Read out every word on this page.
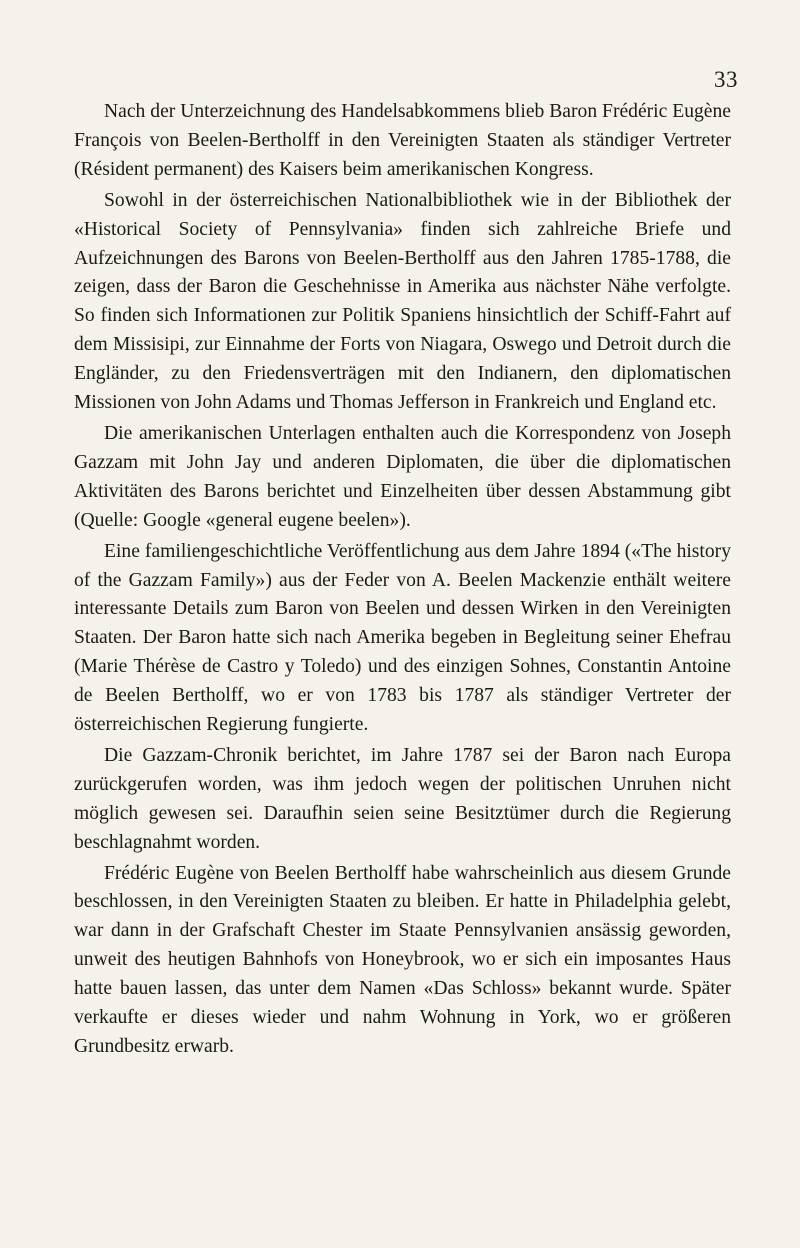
33

Nach der Unterzeichnung des Handelsabkommens blieb Baron Frédéric Eugène François von Beelen-Bertholff in den Vereinigten Staaten als ständiger Vertreter (Résident permanent) des Kaisers beim amerikanischen Kongress.

Sowohl in der österreichischen Nationalbibliothek wie in der Bibliothek der «Historical Society of Pennsylvania» finden sich zahlreiche Briefe und Aufzeichnungen des Barons von Beelen-Bertholff aus den Jahren 1785-1788, die zeigen, dass der Baron die Geschehnisse in Amerika aus nächster Nähe verfolgte. So finden sich Informationen zur Politik Spaniens hinsichtlich der Schiff-Fahrt auf dem Missisipi, zur Einnahme der Forts von Niagara, Oswego und Detroit durch die Engländer, zu den Friedensverträgen mit den Indianern, den diplomatischen Missionen von John Adams und Thomas Jefferson in Frankreich und England etc.

Die amerikanischen Unterlagen enthalten auch die Korrespondenz von Joseph Gazzam mit John Jay und anderen Diplomaten, die über die diplomatischen Aktivitäten des Barons berichtet und Einzelheiten über dessen Abstammung gibt (Quelle: Google «general eugene beelen»).

Eine familiengeschichtliche Veröffentlichung aus dem Jahre 1894 («The history of the Gazzam Family») aus der Feder von A. Beelen Mackenzie enthält weitere interessante Details zum Baron von Beelen und dessen Wirken in den Vereinigten Staaten. Der Baron hatte sich nach Amerika begeben in Begleitung seiner Ehefrau (Marie Thérèse de Castro y Toledo) und des einzigen Sohnes, Constantin Antoine de Beelen Bertholff, wo er von 1783 bis 1787 als ständiger Vertreter der österreichischen Regierung fungierte.

Die Gazzam-Chronik berichtet, im Jahre 1787 sei der Baron nach Europa zurückgerufen worden, was ihm jedoch wegen der politischen Unruhen nicht möglich gewesen sei. Daraufhin seien seine Besitztümer durch die Regierung beschlagnahmt worden.

Frédéric Eugène von Beelen Bertholff habe wahrscheinlich aus diesem Grunde beschlossen, in den Vereinigten Staaten zu bleiben. Er hatte in Philadelphia gelebt, war dann in der Grafschaft Chester im Staate Pennsylvanien ansässig geworden, unweit des heutigen Bahnhofs von Honeybrook, wo er sich ein imposantes Haus hatte bauen lassen, das unter dem Namen «Das Schloss» bekannt wurde. Später verkaufte er dieses wieder und nahm Wohnung in York, wo er größeren Grundbesitz erwarb.
